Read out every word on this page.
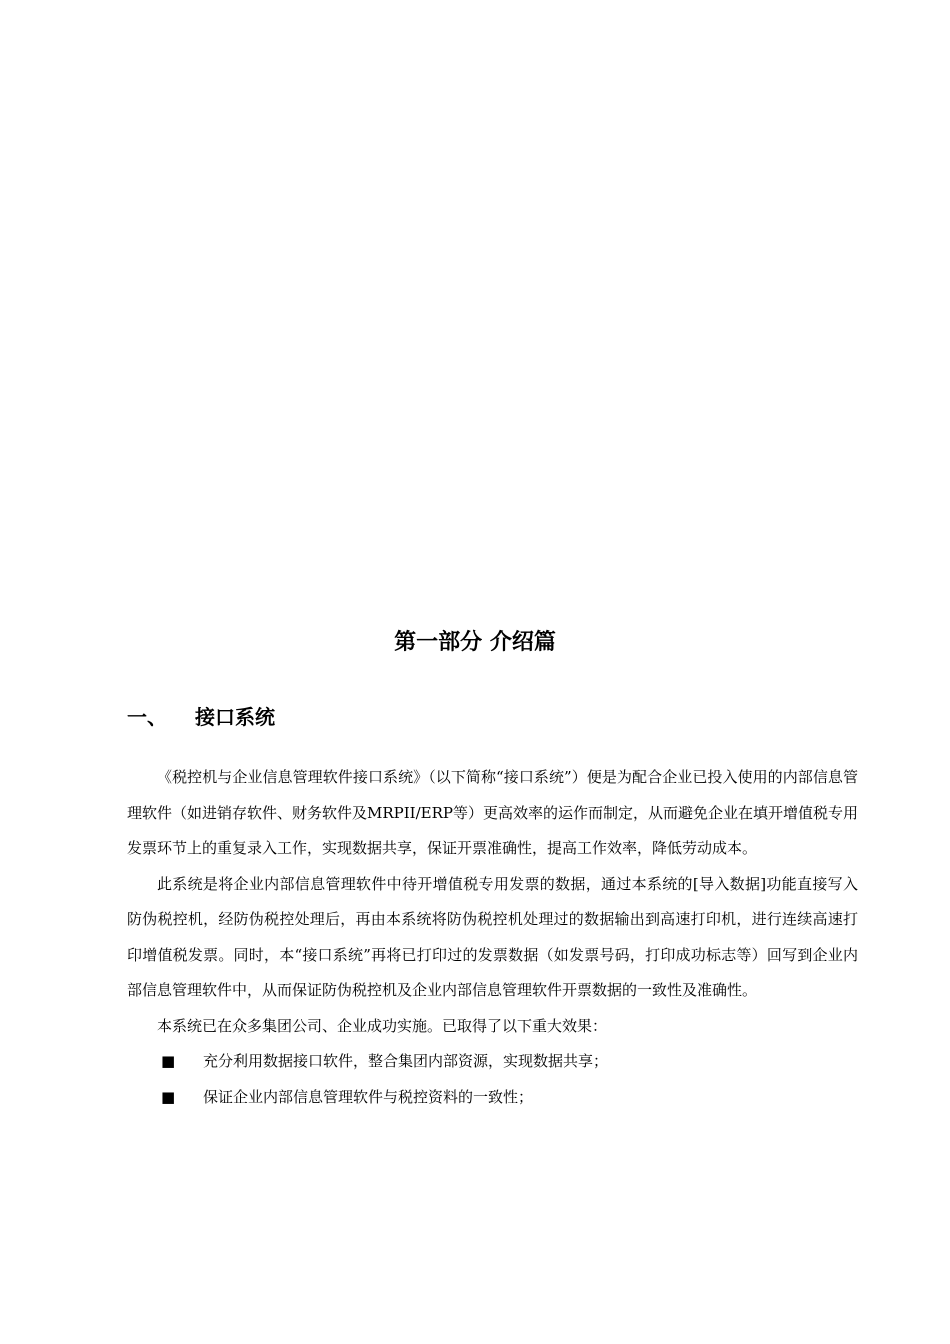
第一部分 介绍篇
一、 接口系统

《税控机与企业信息管理软件接口系统》（以下简称“接口系统”）便是为配合企业已投入使用的内部信息管理软件（如进销存软件、财务软件及MRPII/ERP等）更高效率的运作而制定，从而避免企业在填开增值税专用发票环节上的重复录入工作，实现数据共享，保证开票准确性，提高工作效率，降低劳动成本。

此系统是将企业内部信息管理软件中待开增值税专用发票的数据，通过本系统的[导入数据]功能直接写入防伪税控机，经防伪税控处理后，再由本系统将防伪税控机处理过的数据输出到高速打印机，进行连续高速打印增值税发票。同时，本“接口系统”再将已打印过的发票数据（如发票号码，打印成功标志等）回写到企业内部信息管理软件中，从而保证防伪税控机及企业内部信息管理软件开票数据的一致性及准确性。

本系统已在众多集团公司、企业成功实施。已取得了以下重大效果：

■ 充分利用数据接口软件，整合集团内部资源，实现数据共享；
■ 保证企业内部信息管理软件与税控资料的一致性；
